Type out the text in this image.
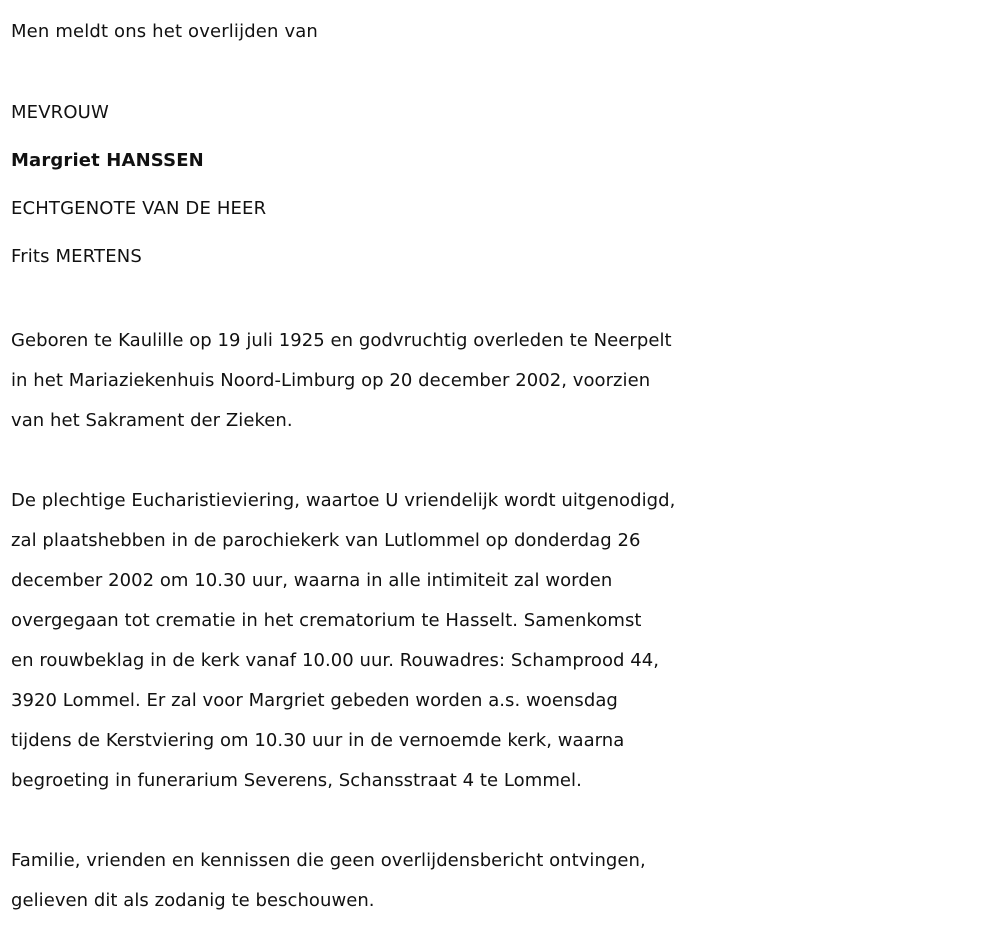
Men meldt ons het overlijden van
MEVROUW
Margriet HANSSEN
ECHTGENOTE VAN DE HEER
Frits MERTENS
Geboren te Kaulille op 19 juli 1925 en godvruchtig overleden te Neerpelt
in het Mariaziekenhuis Noord-Limburg op 20 december 2002, voorzien
van het Sakrament der Zieken.
De plechtige Eucharistieviering, waartoe U vriendelijk wordt uitgenodigd,
zal plaatshebben in de parochiekerk van Lutlommel op donderdag 26
december 2002 om 10.30 uur, waarna in alle intimiteit zal worden
overgegaan tot crematie in het crematorium te Hasselt. Samenkomst
en rouwbeklag in de kerk vanaf 10.00 uur. Rouwadres: Schamprood 44,
3920 Lommel. Er zal voor Margriet gebeden worden a.s. woensdag
tijdens de Kerstviering om 10.30 uur in de vernoemde kerk, waarna
begroeting in funerarium Severens, Schansstraat 4 te Lommel.
Familie, vrienden en kennissen die geen overlijdensbericht ontvingen,
gelieven dit als zodanig te beschouwen.
